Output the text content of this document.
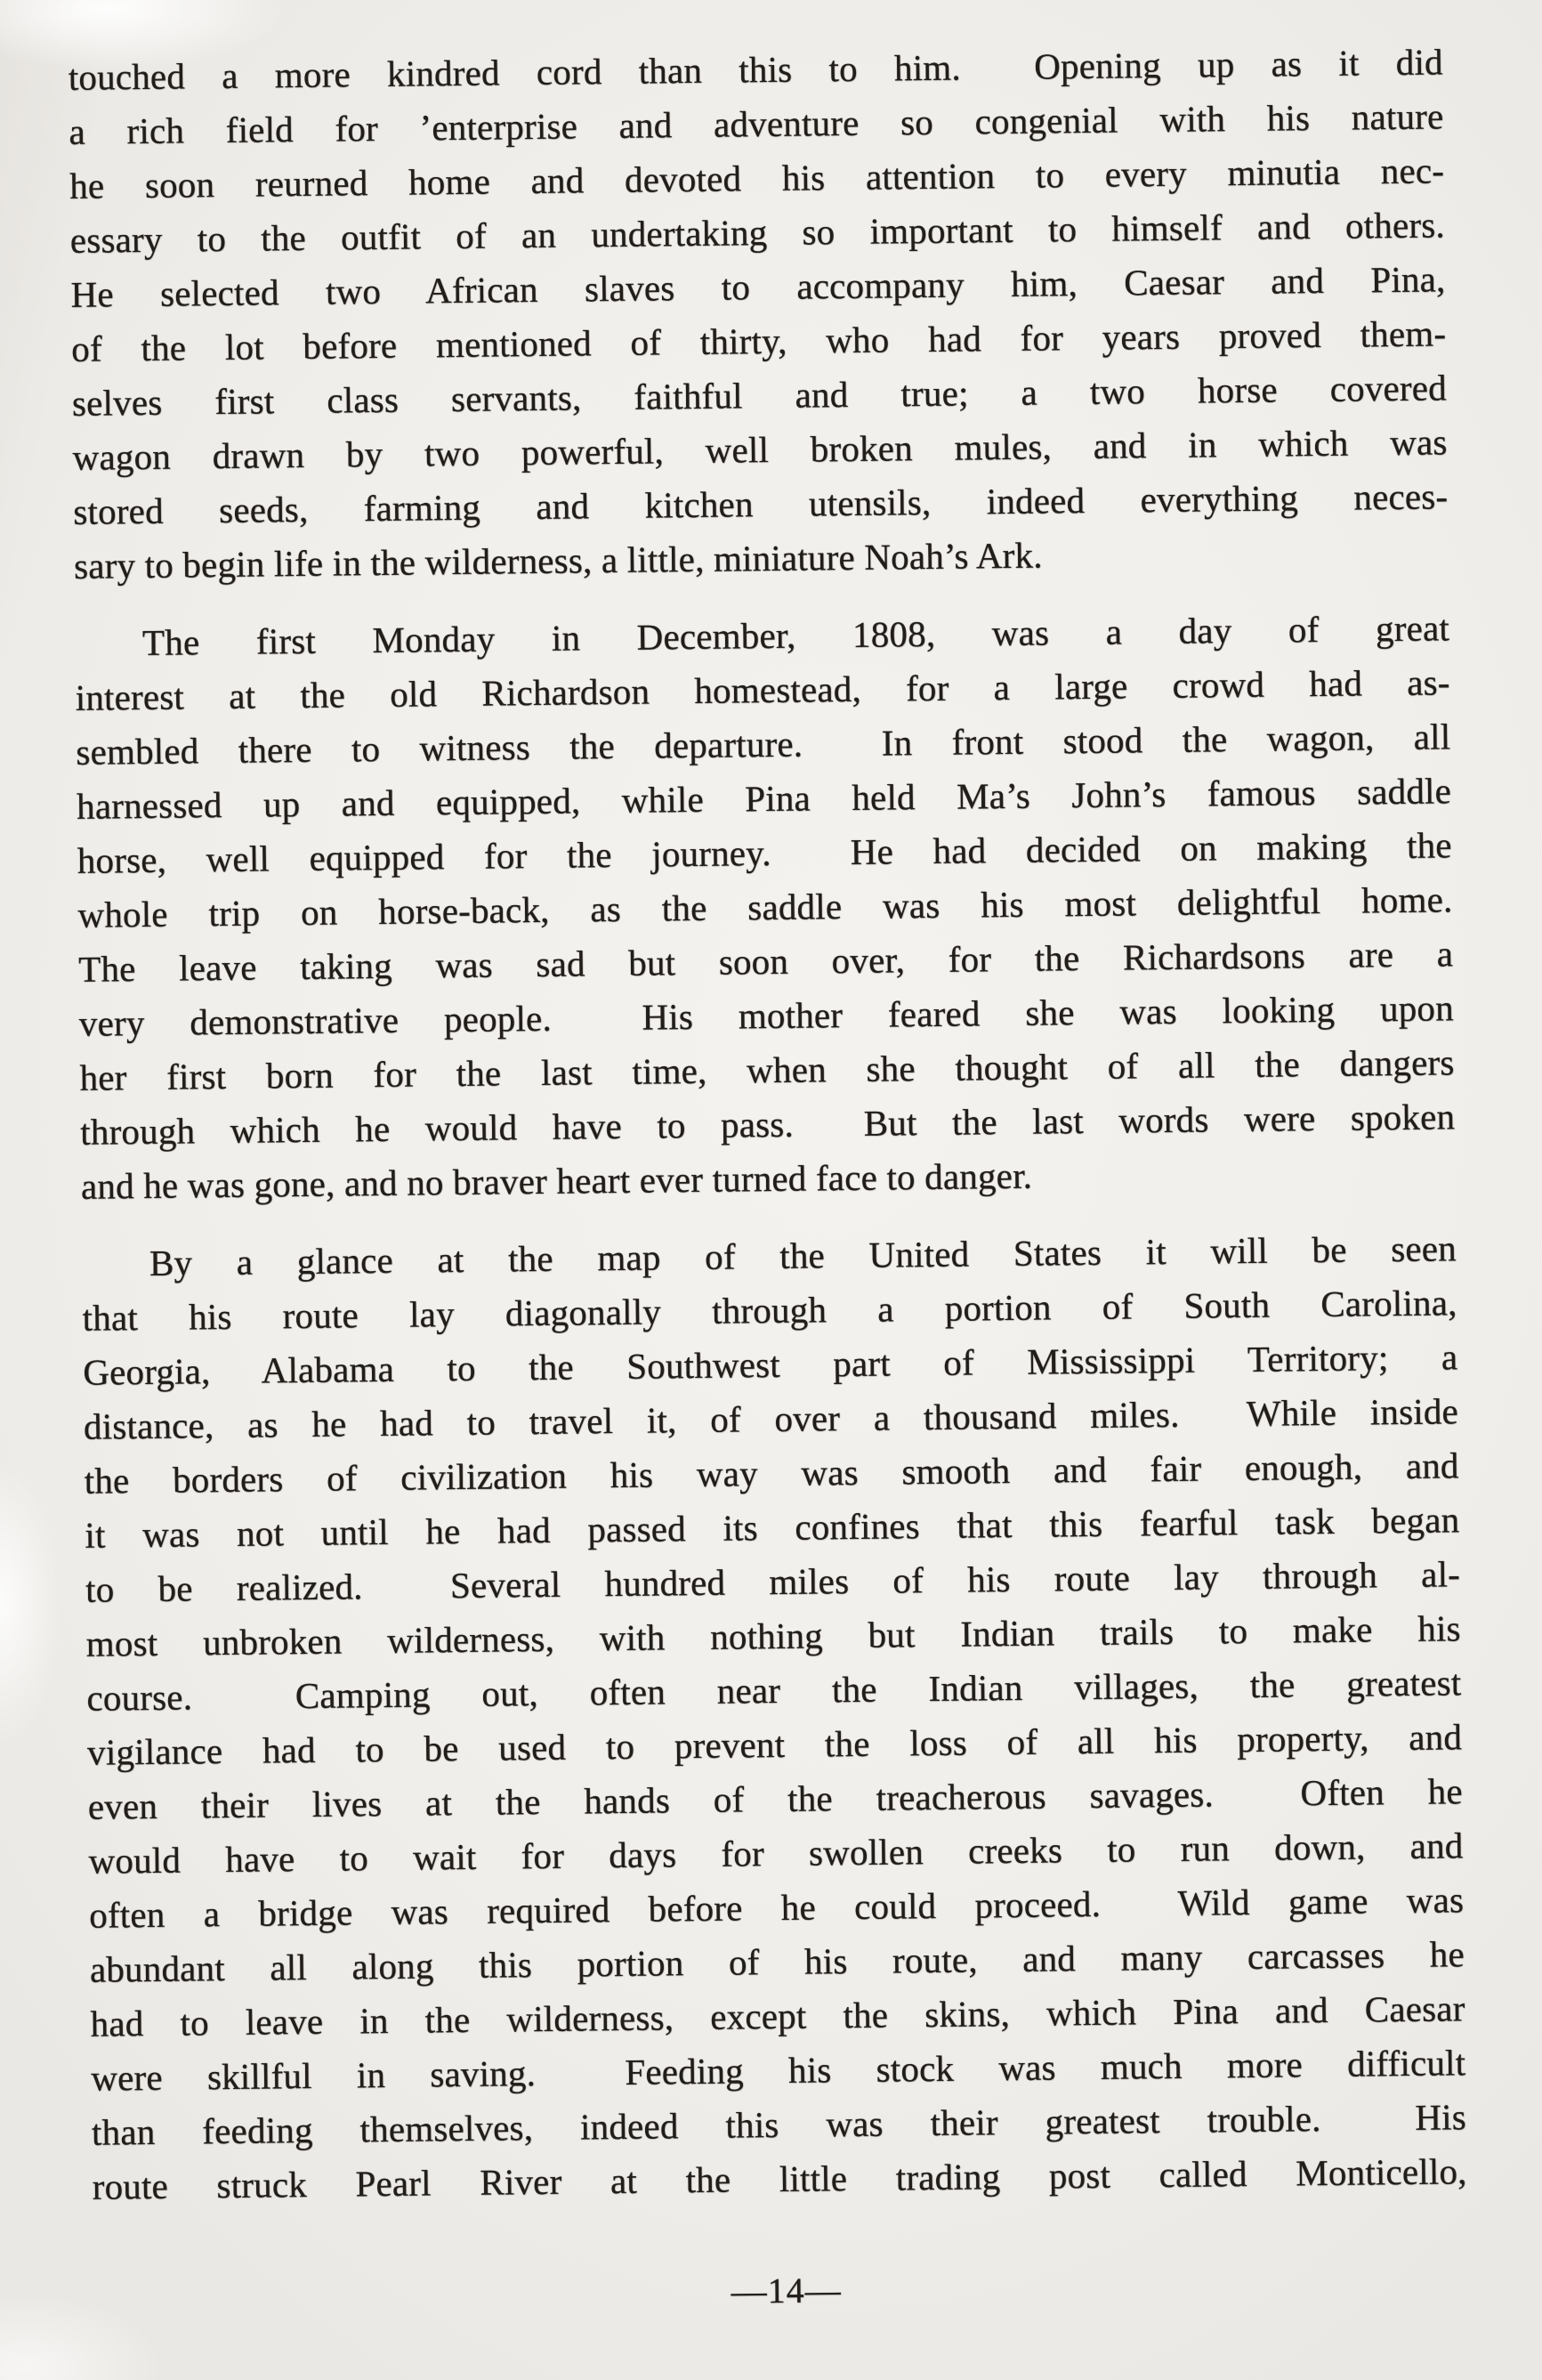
touched a more kindred cord than this to him.  Opening up as it did
a rich field for ’enterprise and adventure so congenial with his nature
he soon reurned home and devoted his attention to every minutia nec-
essary to the outfit of an undertaking so important to himself and others.
He selected two African slaves to accompany him, Caesar and Pina,
of the lot before mentioned of thirty, who had for years proved them-
selves first class servants, faithful and true; a two horse covered
wagon drawn by two powerful, well broken mules, and in which was
stored seeds, farming and kitchen utensils, indeed everything neces-
sary to begin life in the wilderness, a little, miniature Noah’s Ark.
The first Monday in December, 1808, was a day of great
interest at the old Richardson homestead, for a large crowd had as-
sembled there to witness the departure.  In front stood the wagon, all
harnessed up and equipped, while Pina held Ma’s John’s famous saddle
horse, well equipped for the journey.  He had decided on making the
whole trip on horse-back, as the saddle was his most delightful home.
The leave taking was sad but soon over, for the Richardsons are a
very demonstrative people.  His mother feared she was looking upon
her first born for the last time, when she thought of all the dangers
through which he would have to pass.  But the last words were spoken
and he was gone, and no braver heart ever turned face to danger.
By a glance at the map of the United States it will be seen
that his route lay diagonally through a portion of South Carolina,
Georgia, Alabama to the Southwest part of Mississippi Territory; a
distance, as he had to travel it, of over a thousand miles.  While inside
the borders of civilization his way was smooth and fair enough, and
it was not until he had passed its confines that this fearful task began
to be realized.  Several hundred miles of his route lay through al-
most unbroken wilderness, with nothing but Indian trails to make his
course.  Camping out, often near the Indian villages, the greatest
vigilance had to be used to prevent the loss of all his property, and
even their lives at the hands of the treacherous savages.  Often he
would have to wait for days for swollen creeks to run down, and
often a bridge was required before he could proceed.  Wild game was
abundant all along this portion of his route, and many carcasses he
had to leave in the wilderness, except the skins, which Pina and Caesar
were skillful in saving.  Feeding his stock was much more difficult
than feeding themselves, indeed this was their greatest trouble.  His
route struck Pearl River at the little trading post called Monticello,
—14—
